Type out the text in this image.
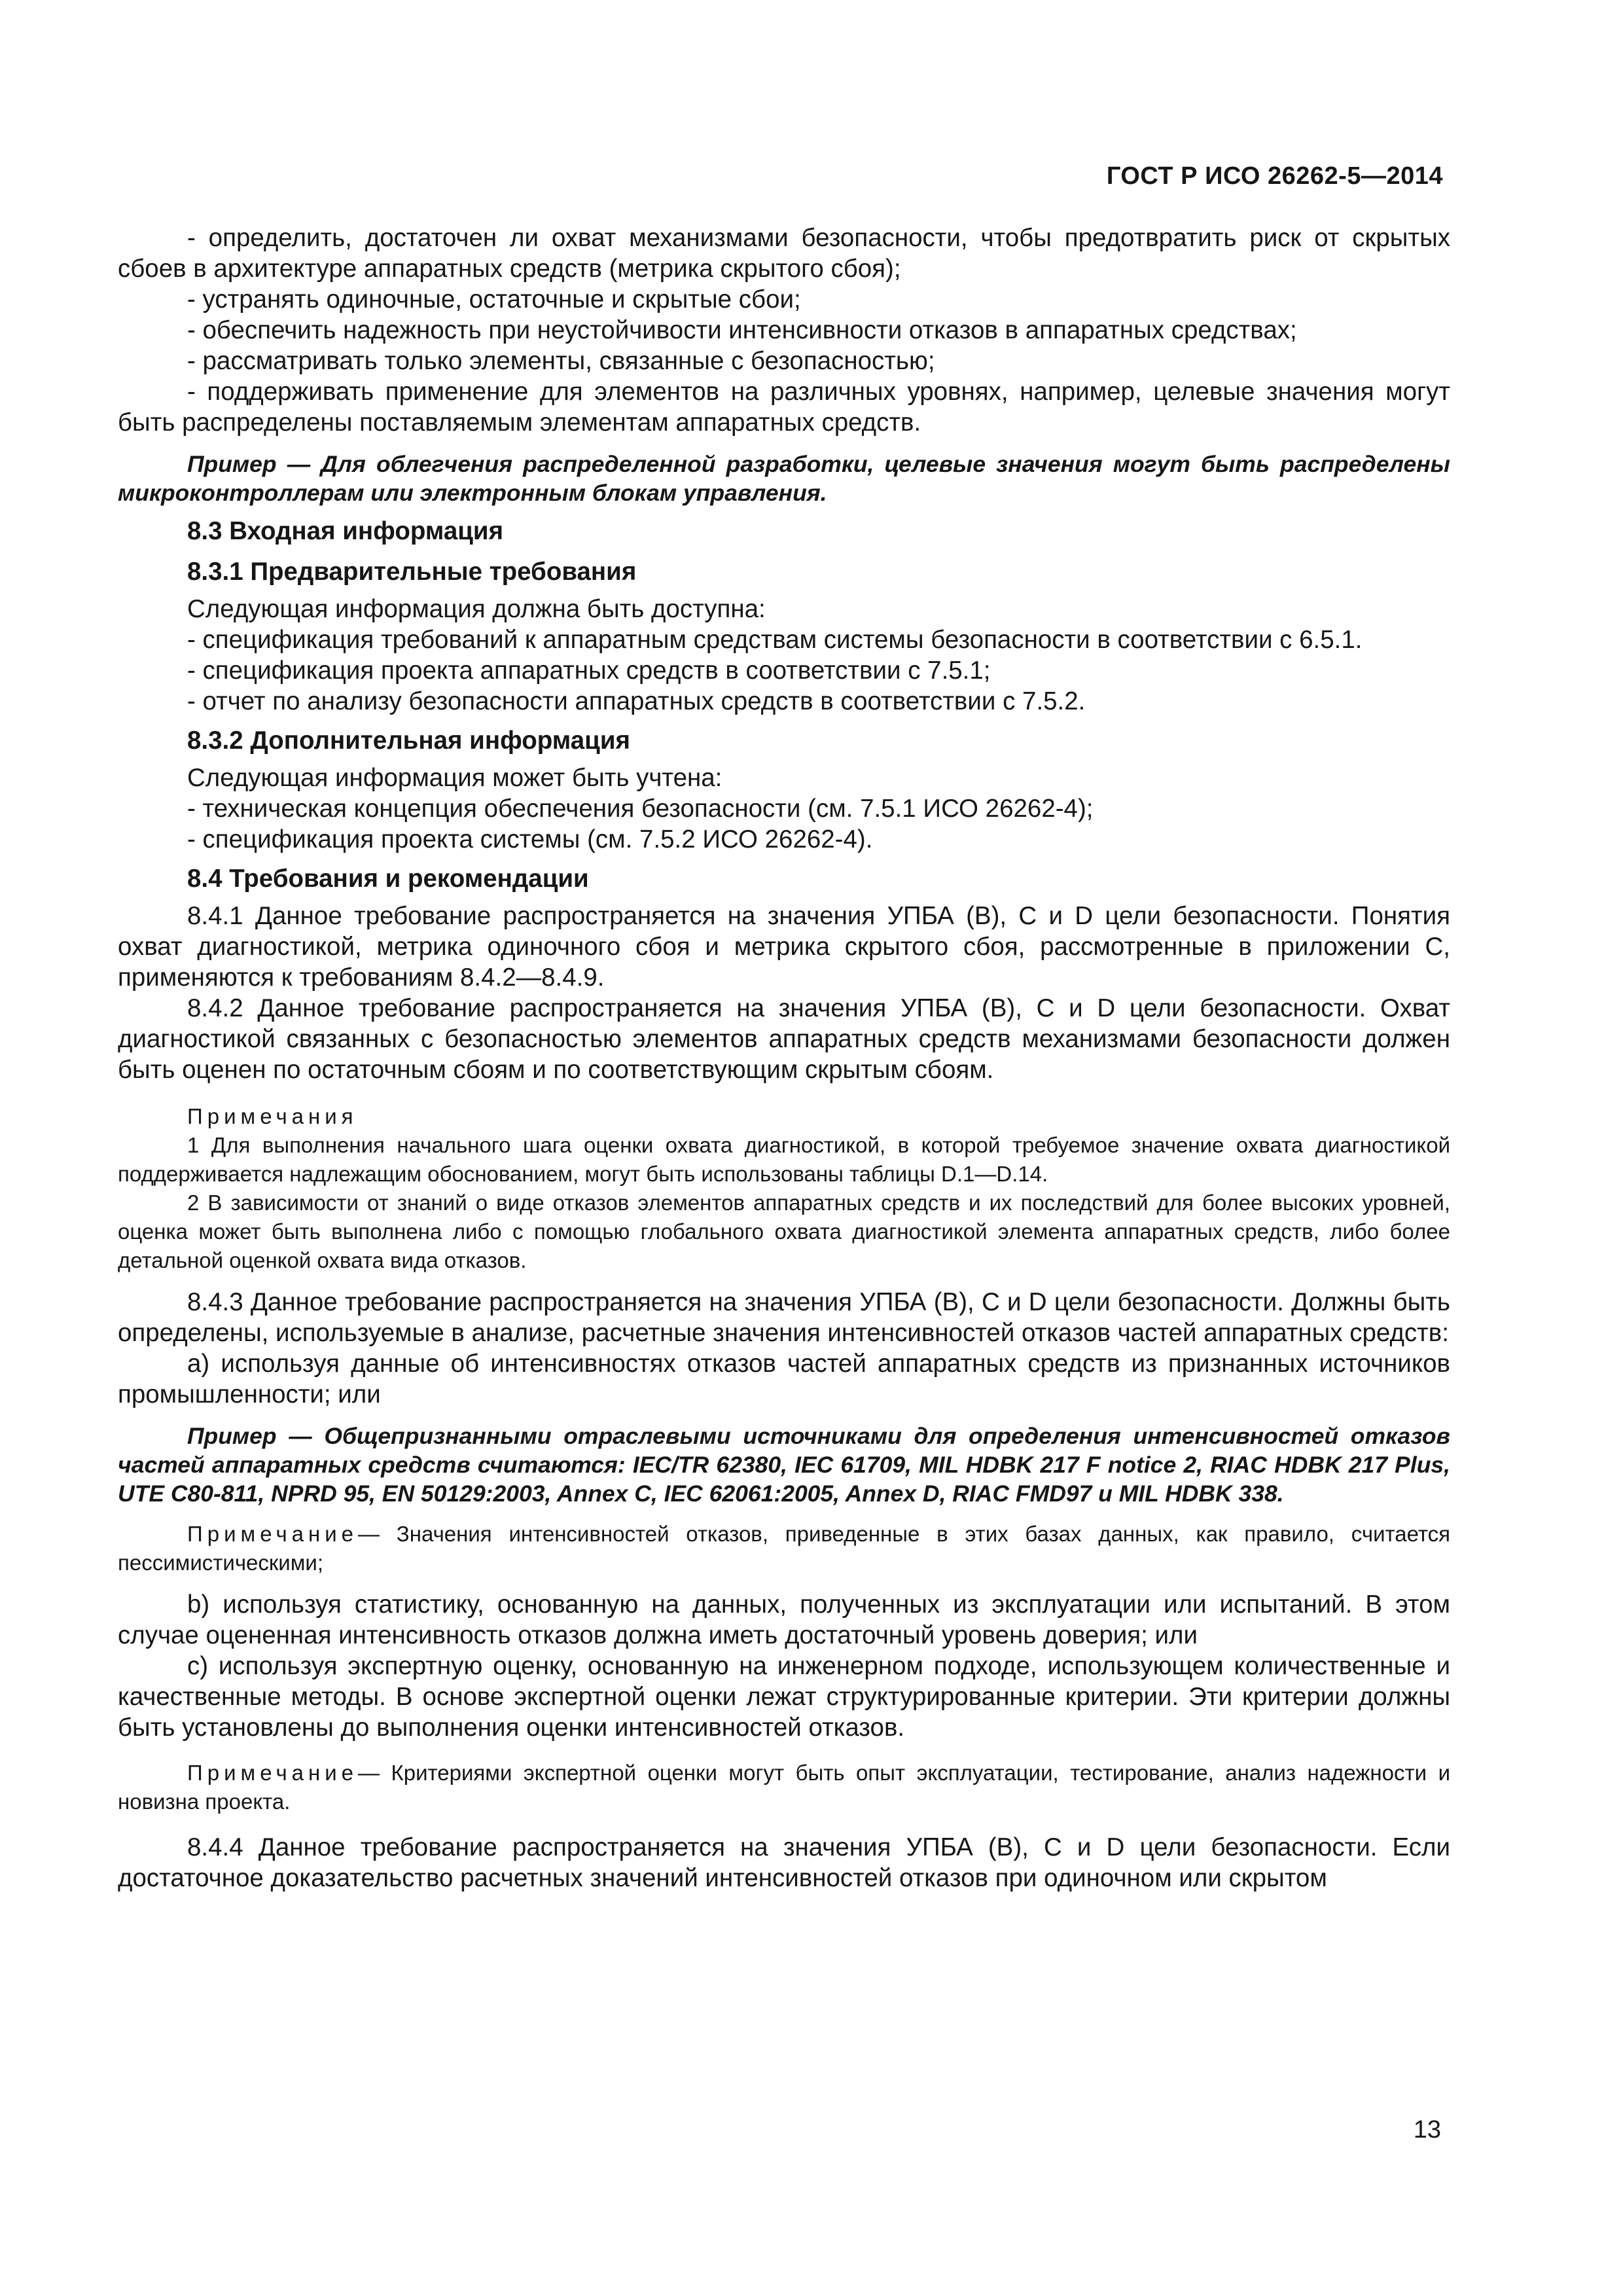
ГОСТ Р ИСО 26262-5—2014

- определить, достаточен ли охват механизмами безопасности, чтобы предотвратить риск от скрытых сбоев в архитектуре аппаратных средств (метрика скрытого сбоя);

- устранять одиночные, остаточные и скрытые сбои;

- обеспечить надежность при неустойчивости интенсивности отказов в аппаратных средствах;

- рассматривать только элементы, связанные с безопасностью;

- поддерживать применение для элементов на различных уровнях, например, целевые значения могут быть распределены поставляемым элементам аппаратных средств.

Пример — Для облегчения распределенной разработки, целевые значения могут быть распределены микроконтроллерам или электронным блокам управления.

8.3 Входная информация

8.3.1 Предварительные требования

Следующая информация должна быть доступна:

- спецификация требований к аппаратным средствам системы безопасности в соответствии с 6.5.1.

- спецификация проекта аппаратных средств в соответствии с 7.5.1;

- отчет по анализу безопасности аппаратных средств в соответствии с 7.5.2.

8.3.2 Дополнительная информация

Следующая информация может быть учтена:

- техническая концепция обеспечения безопасности (см. 7.5.1 ИСО 26262-4);

- спецификация проекта системы (см. 7.5.2 ИСО 26262-4).

8.4 Требования и рекомендации

8.4.1 Данное требование распространяется на значения УПБА (B), C и D цели безопасности. Понятия охват диагностикой, метрика одиночного сбоя и метрика скрытого сбоя, рассмотренные в приложении C, применяются к требованиям 8.4.2—8.4.9.

8.4.2 Данное требование распространяется на значения УПБА (B), C и D цели безопасности. Охват диагностикой связанных с безопасностью элементов аппаратных средств механизмами безопасности должен быть оценен по остаточным сбоям и по соответствующим скрытым сбоям.

Примечания

1 Для выполнения начального шага оценки охвата диагностикой, в которой требуемое значение охвата диагностикой поддерживается надлежащим обоснованием, могут быть использованы таблицы D.1—D.14.

2 В зависимости от знаний о виде отказов элементов аппаратных средств и их последствий для более высоких уровней, оценка может быть выполнена либо с помощью глобального охвата диагностикой элемента аппаратных средств, либо более детальной оценкой охвата вида отказов.

8.4.3 Данное требование распространяется на значения УПБА (B), C и D цели безопасности. Должны быть определены, используемые в анализе, расчетные значения интенсивностей отказов частей аппаратных средств:

a) используя данные об интенсивностях отказов частей аппаратных средств из признанных источников промышленности; или

Пример — Общепризнанными отраслевыми источниками для определения интенсивностей отказов частей аппаратных средств считаются: IEC/TR 62380, IEC 61709, MIL HDBK 217 F notice 2, RIAC HDBK 217 Plus, UTE C80-811, NPRD 95, EN 50129:2003, Annex C, IEC 62061:2005, Annex D, RIAC FMD97 и MIL HDBK 338.

Примечание— Значения интенсивностей отказов, приведенные в этих базах данных, как правило, считается пессимистическими;

b) используя статистику, основанную на данных, полученных из эксплуатации или испытаний. В этом случае оцененная интенсивность отказов должна иметь достаточный уровень доверия; или

c) используя экспертную оценку, основанную на инженерном подходе, использующем количественные и качественные методы. В основе экспертной оценки лежат структурированные критерии. Эти критерии должны быть установлены до выполнения оценки интенсивностей отказов.

Примечание— Критериями экспертной оценки могут быть опыт эксплуатации, тестирование, анализ надежности и новизна проекта.

8.4.4 Данное требование распространяется на значения УПБА (B), C и D цели безопасности. Если достаточное доказательство расчетных значений интенсивностей отказов при одиночном или скрытом

13
